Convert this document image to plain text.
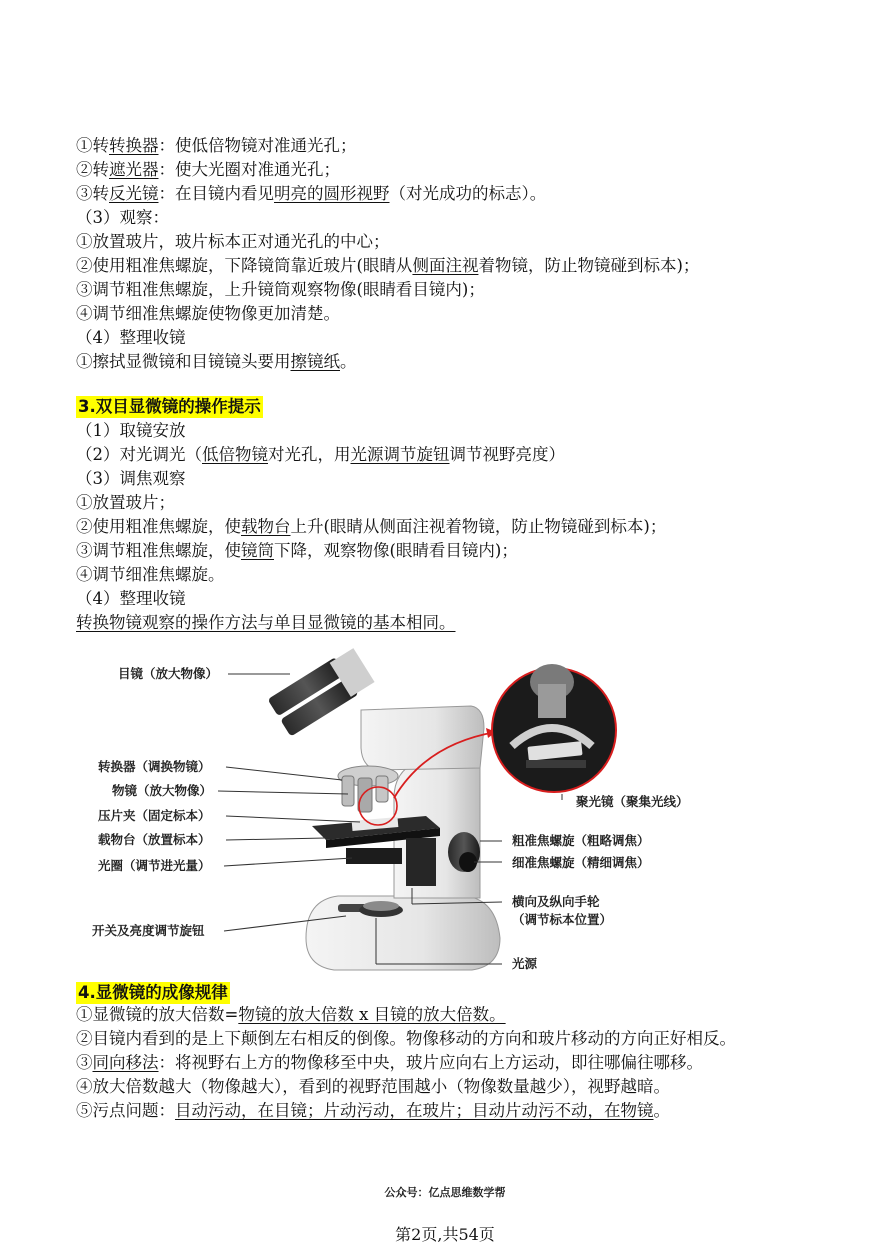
①转转换器：使低倍物镜对准通光孔；
②转遮光器：使大光圈对准通光孔；
③转反光镜：在目镜内看见明亮的圆形视野（对光成功的标志）。
（3）观察：
①放置玻片，玻片标本正对通光孔的中心；
②使用粗准焦螺旋，下降镜筒靠近玻片(眼睛从侧面注视着物镜，防止物镜碰到标本)；
③调节粗准焦螺旋，上升镜筒观察物像(眼睛看目镜内)；
④调节细准焦螺旋使物像更加清楚。
（4）整理收镜
①擦拭显微镜和目镜镜头要用擦镜纸。
3.双目显微镜的操作提示
（1）取镜安放
（2）对光调光（低倍物镜对光孔，用光源调节旋钮调节视野亮度）
（3）调焦观察
①放置玻片；
②使用粗准焦螺旋，使载物台上升(眼睛从侧面注视着物镜，防止物镜碰到标本)；
③调节粗准焦螺旋，使镜筒下降，观察物像(眼睛看目镜内)；
④调节细准焦螺旋。
（4）整理收镜
转换物镜观察的操作方法与单目显微镜的基本相同。
目镜（放大物像）
转换器（调换物镜）
物镜（放大物像）
压片夹（固定标本）
载物台（放置标本）
光圈（调节进光量）
开关及亮度调节旋钮
聚光镜（聚集光线）
粗准焦螺旋（粗略调焦）
细准焦螺旋（精细调焦）
横向及纵向手轮
（调节标本位置）
光源
4.显微镜的成像规律
①显微镜的放大倍数=物镜的放大倍数 x 目镜的放大倍数。
②目镜内看到的是上下颠倒左右相反的倒像。物像移动的方向和玻片移动的方向正好相反。
③同向移法：将视野右上方的物像移至中央，玻片应向右上方运动，即往哪偏往哪移。
④放大倍数越大（物像越大），看到的视野范围越小（物像数量越少），视野越暗。
⑤污点问题：目动污动，在目镜；片动污动，在玻片；目动片动污不动，在物镜。
公众号：亿点思维数学帮
第2页,共54页
